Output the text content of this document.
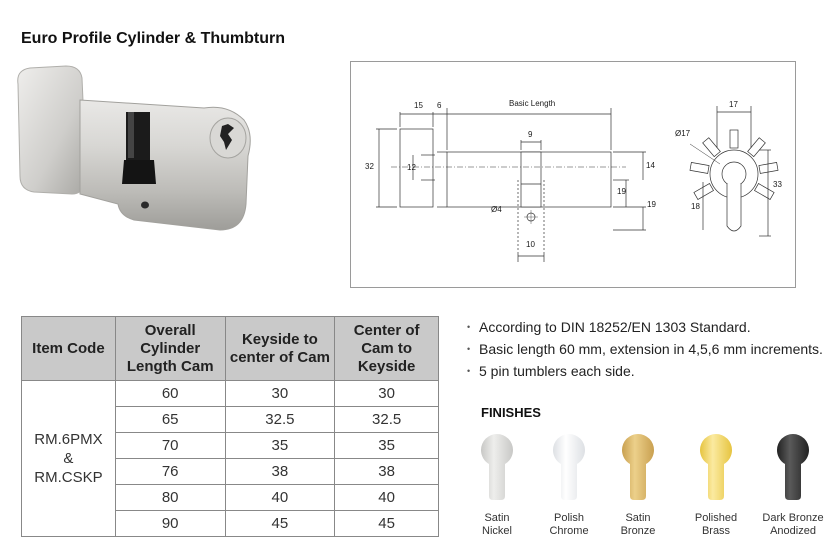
Euro Profile Cylinder & Thumbturn
Basic Length
15 6
9
17
Ø17
32	12	14
19
19
Ø4
10
18
33
Item Code	Overall Cylinder Length Cam	Keyside to center of Cam	Center of Cam to Keyside

RM.6PMX
&
RM.CSKP	60	30	30
	65	32.5	32.5
	70	35	35
	76	38	38
	80	40	40
	90	45	45
• According to DIN 18252/EN 1303 Standard.
• Basic length 60 mm, extension in 4,5,6 mm increments.
• 5 pin tumblers each side.
FINISHES
Satin
Nickel
Polish
Chrome
Satin
Bronze
Polished
Brass
Dark Bronze
Anodized
